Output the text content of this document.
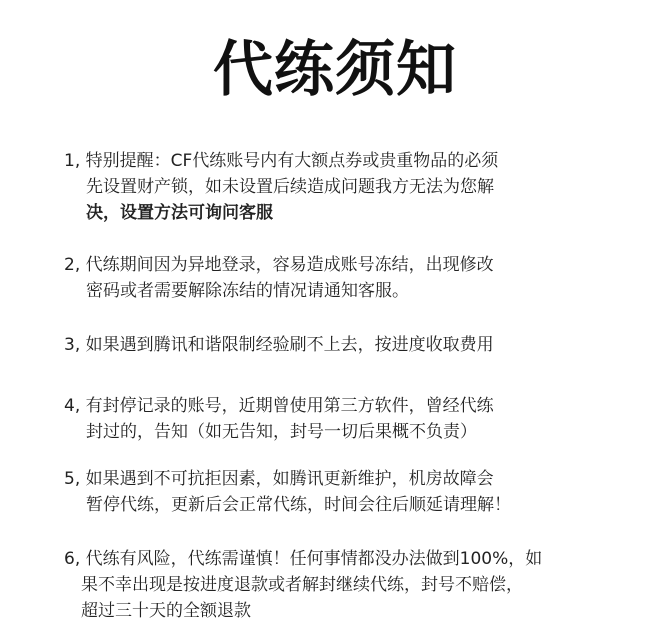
代练须知
1, 特别提醒：CF代练账号内有大额点券或贵重物品的必须
先设置财产锁，如未设置后续造成问题我方无法为您解
决，设置方法可询问客服
2, 代练期间因为异地登录，容易造成账号冻结，出现修改
密码或者需要解除冻结的情况请通知客服。
3, 如果遇到腾讯和谐限制经验刷不上去，按进度收取费用
4, 有封停记录的账号，近期曾使用第三方软件，曾经代练
封过的，告知（如无告知，封号一切后果概不负责）
5, 如果遇到不可抗拒因素，如腾讯更新维护，机房故障会
暂停代练，更新后会正常代练，时间会往后顺延请理解！
6, 代练有风险，代练需谨慎！任何事情都没办法做到100%，如
果不幸出现是按进度退款或者解封继续代练，封号不赔偿，
超过三十天的全额退款
